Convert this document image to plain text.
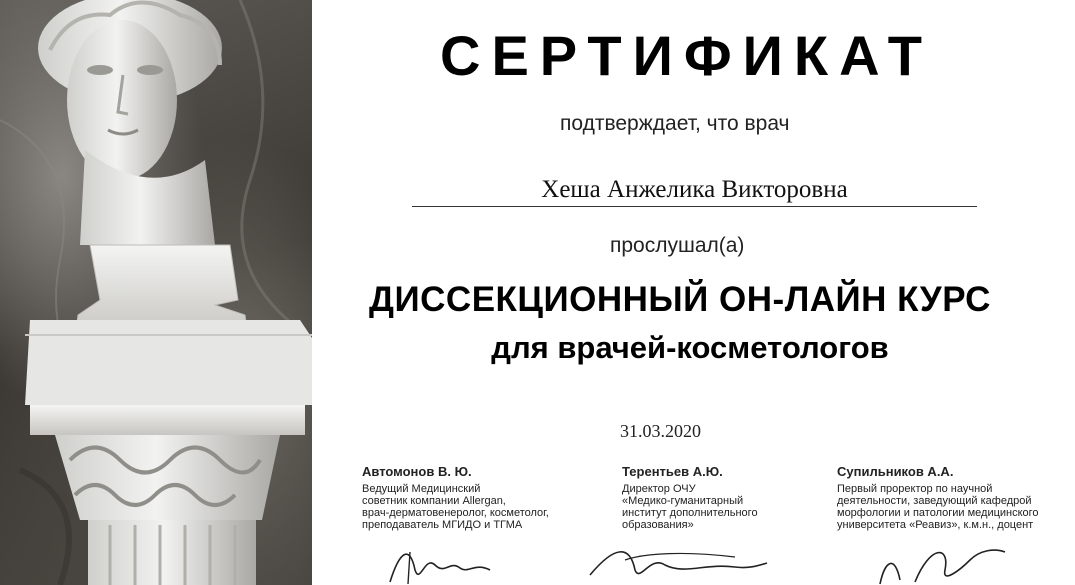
СЕРТИФИКАТ
подтверждает, что врач
Хеша Анжелика Викторовна
прослушал(а)
ДИССЕКЦИОННЫЙ ОН-ЛАЙН КУРС
для врачей-косметологов
31.03.2020
Автомонов В. Ю.
Ведущий Медицинский
советник компании Allergan,
врач-дерматовенеролог, косметолог,
преподаватель МГИДО и ТГМА
Терентьев А.Ю.
Директор ОЧУ
«Медико-гуманитарный
институт дополнительного
образования»
Супильников А.А.
Первый проректор по научной
деятельности, заведующий кафедрой
морфологии и патологии медицинского
университета «Реавиз», к.м.н., доцент
